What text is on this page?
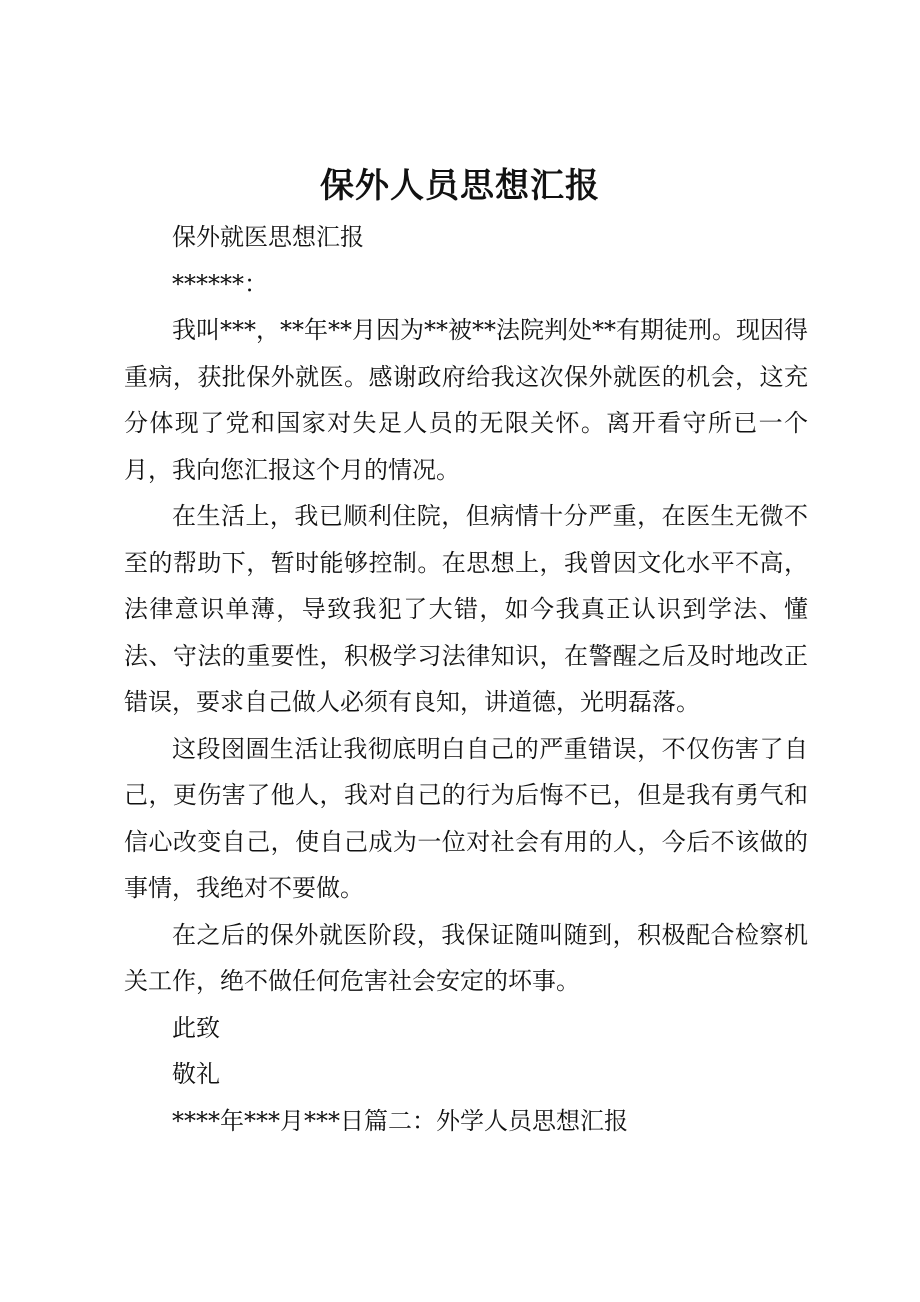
保外人员思想汇报

保外就医思想汇报

******：

我叫***，**年**月因为**被**法院判处**有期徒刑。现因得重病，获批保外就医。感谢政府给我这次保外就医的机会，这充分体现了党和国家对失足人员的无限关怀。离开看守所已一个月，我向您汇报这个月的情况。

在生活上，我已顺利住院，但病情十分严重，在医生无微不至的帮助下，暂时能够控制。在思想上，我曾因文化水平不高，法律意识单薄，导致我犯了大错，如今我真正认识到学法、懂法、守法的重要性，积极学习法律知识，在警醒之后及时地改正错误，要求自己做人必须有良知，讲道德，光明磊落。

这段囹圄生活让我彻底明白自己的严重错误，不仅伤害了自己，更伤害了他人，我对自己的行为后悔不已，但是我有勇气和信心改变自己，使自己成为一位对社会有用的人，今后不该做的事情，我绝对不要做。

在之后的保外就医阶段，我保证随叫随到，积极配合检察机关工作，绝不做任何危害社会安定的坏事。

此致

敬礼

****年***月***日篇二：外学人员思想汇报
